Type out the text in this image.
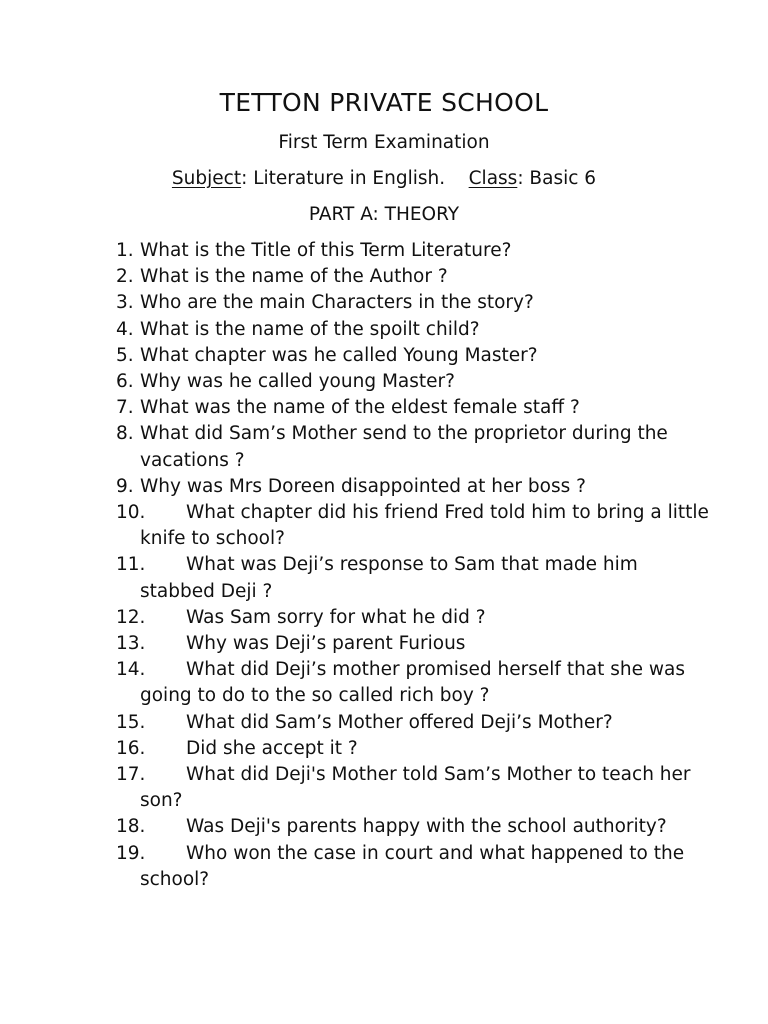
TETTON PRIVATE SCHOOL
First Term Examination
Subject: Literature in English. Class: Basic 6
PART A: THEORY
1. What is the Title of this Term Literature?
2. What is the name of the Author ?
3. Who are the main Characters in the story?
4. What is the name of the spoilt child?
5. What chapter was he called Young Master?
6. Why was he called young Master?
7. What was the name of the eldest female staff ?
8. What did Sam’s Mother send to the proprietor during the vacations ?
9. Why was Mrs Doreen disappointed at her boss ?
10.	What chapter did his friend Fred told him to bring a little knife to school?
11.	What was Deji’s response to Sam that made him stabbed Deji ?
12.	Was Sam sorry for what he did ?
13.	Why was Deji’s parent Furious
14.	What did Deji’s mother promised herself that she was going to do to the so called rich boy ?
15.	What did Sam’s Mother offered Deji’s Mother?
16.	Did she accept it ?
17.	What did Deji's Mother told Sam’s Mother to teach her son?
18.	Was Deji's parents happy with the school authority?
19.	Who won the case in court and what happened to the school?
